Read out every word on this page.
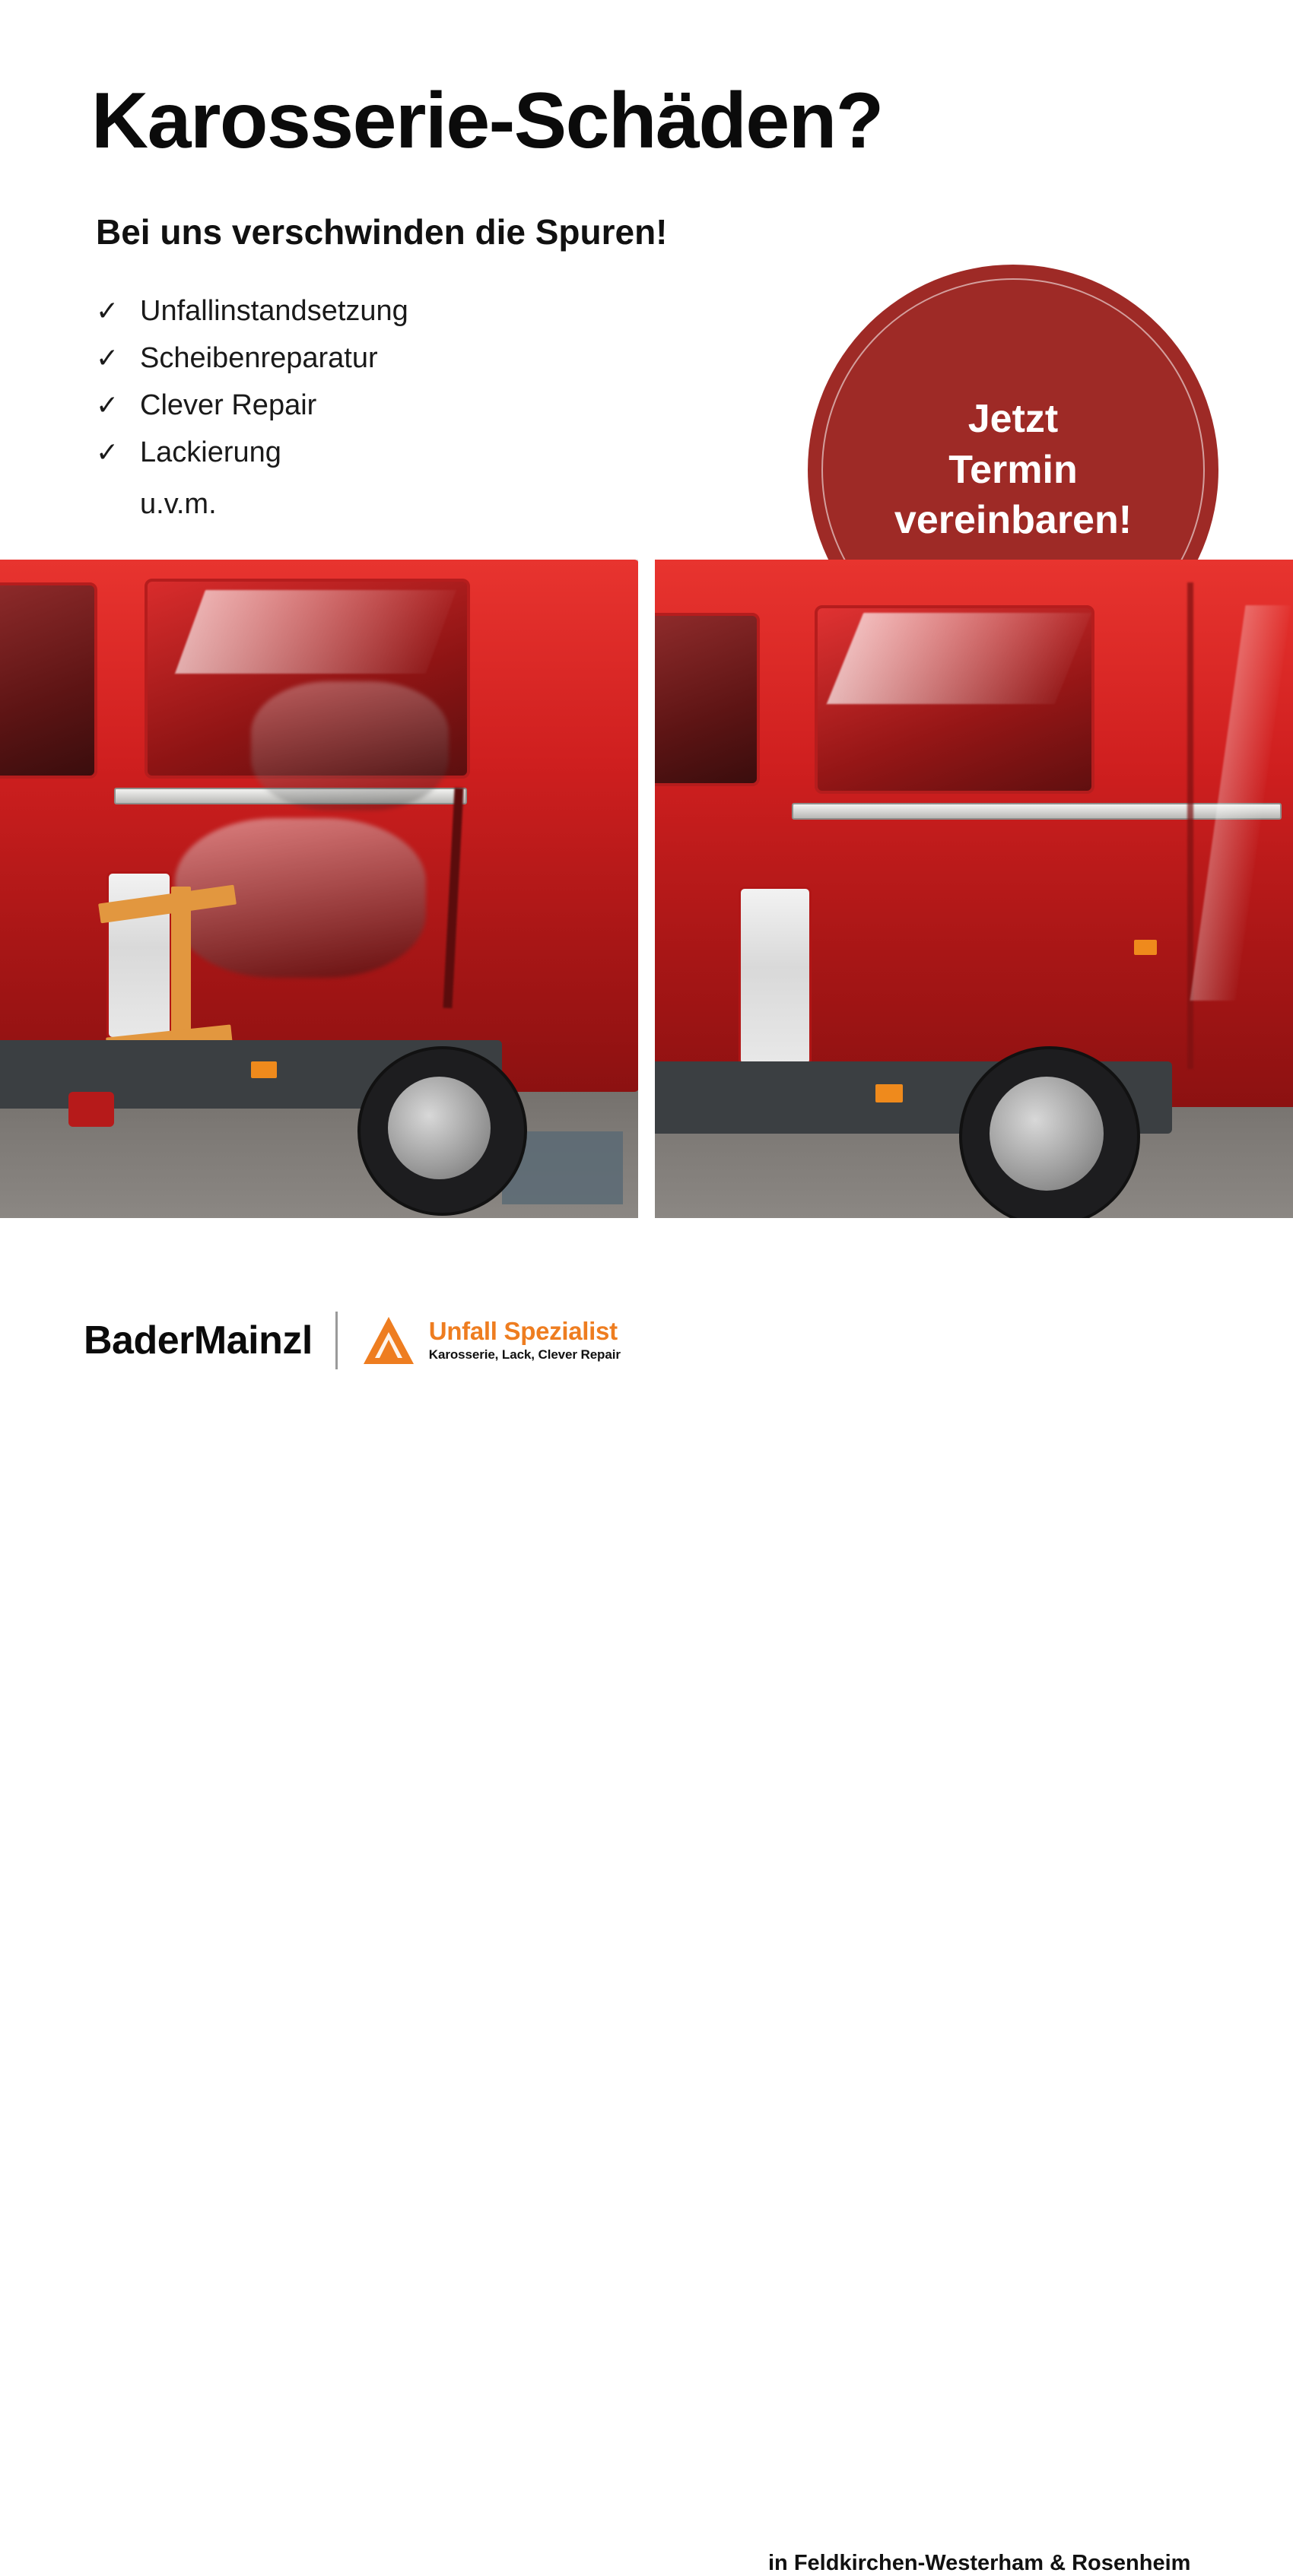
Karosserie-Schäden?
Bei uns verschwinden die Spuren!
✓ Unfallinstandsetzung
✓ Scheibenreparatur
✓ Clever Repair
✓ Lackierung
u.v.m.
Jetzt
Termin
vereinbaren!
BaderMainzl	Unfall Spezialist
Karosserie, Lack, Clever Repair
in Feldkirchen-Westerham & Rosenheim
